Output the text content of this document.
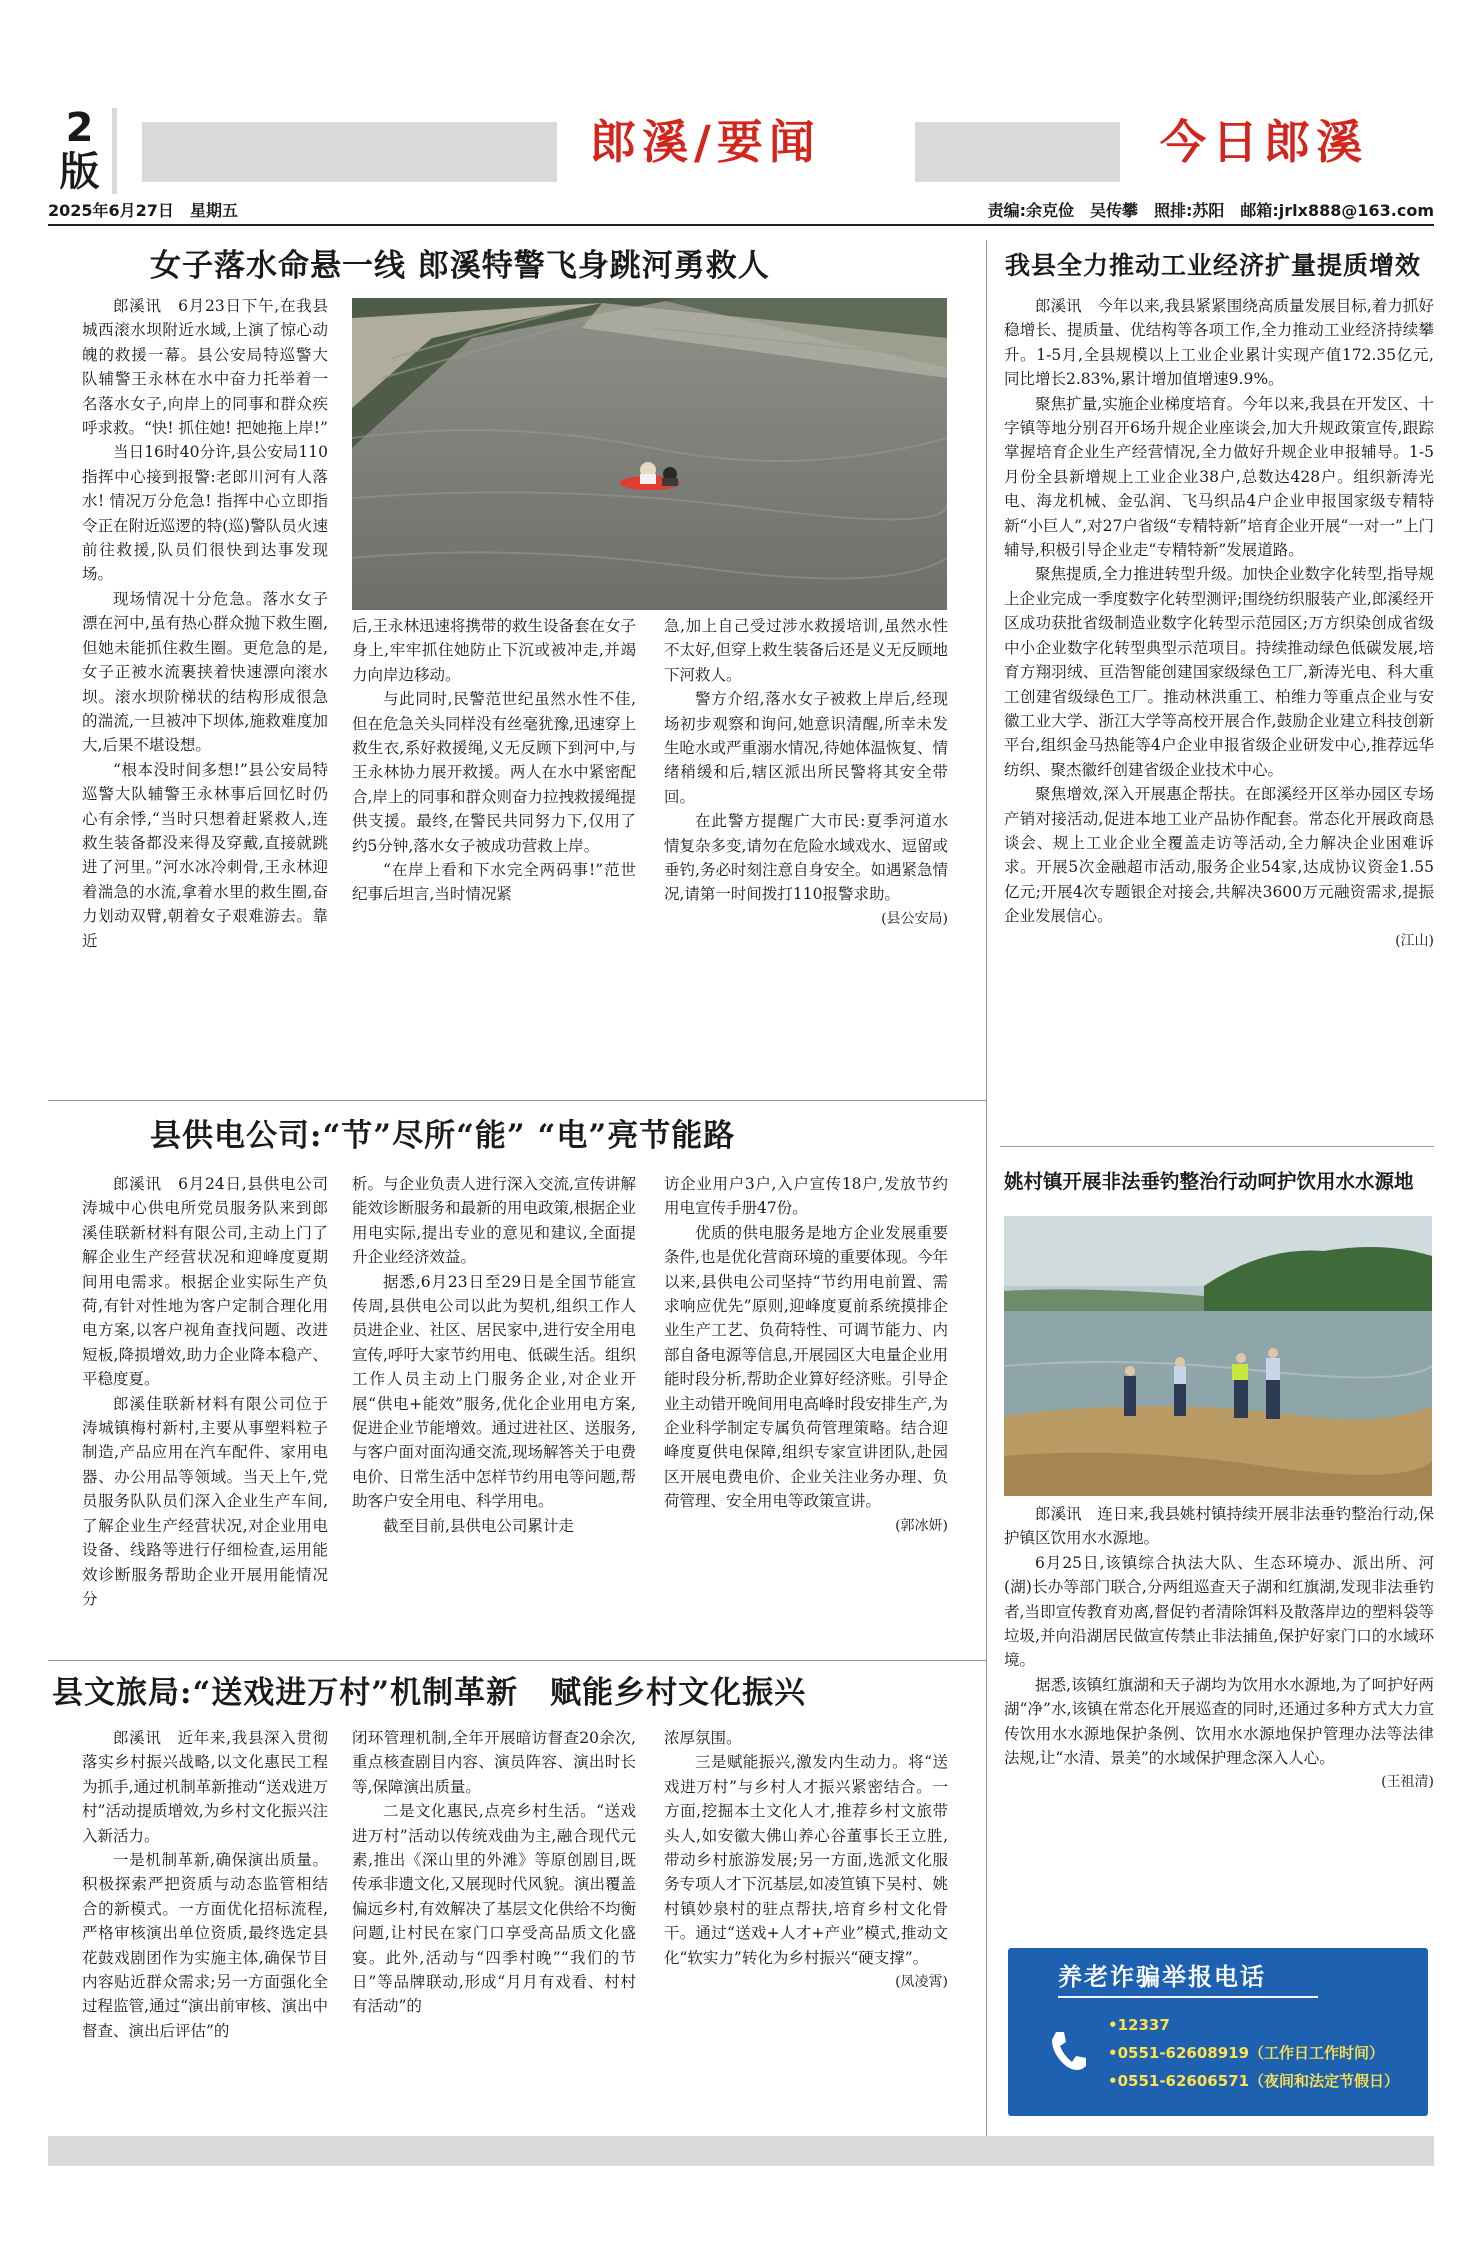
2
版
郎溪/要闻	今日郎溪
2025年6月27日　 星期五	责编:余克俭　吴传攀　照排:苏阳　邮箱:jrlx888@163.com
女子落水命悬一线 郎溪特警飞身跳河勇救人

郎溪讯　6月23日下午,在我县城西滚水坝附近水域,上演了惊心动魄的救援一幕。县公安局特巡警大队辅警王永林在水中奋力托举着一名落水女子,向岸上的同事和群众疾呼求救。“快! 抓住她! 把她拖上岸!”

当日16时40分许,县公安局110指挥中心接到报警:老郎川河有人落水! 情况万分危急! 指挥中心立即指令正在附近巡逻的特(巡)警队员火速前往救援,队员们很快到达事发现场。

现场情况十分危急。落水女子漂在河中,虽有热心群众抛下救生圈,但她未能抓住救生圈。更危急的是,女子正被水流裹挟着快速漂向滚水坝。滚水坝阶梯状的结构形成很急的湍流,一旦被冲下坝体,施救难度加大,后果不堪设想。

“根本没时间多想!”县公安局特巡警大队辅警王永林事后回忆时仍心有余悸,“当时只想着赶紧救人,连救生装备都没来得及穿戴,直接就跳进了河里。”河水冰冷刺骨,王永林迎着湍急的水流,拿着水里的救生圈,奋力划动双臂,朝着女子艰难游去。靠近

后,王永林迅速将携带的救生设备套在女子身上,牢牢抓住她防止下沉或被冲走,并竭力向岸边移动。

与此同时,民警范世纪虽然水性不佳,但在危急关头同样没有丝毫犹豫,迅速穿上救生衣,系好救援绳,义无反顾下到河中,与王永林协力展开救援。两人在水中紧密配合,岸上的同事和群众则奋力拉拽救援绳提供支援。最终,在警民共同努力下,仅用了约5分钟,落水女子被成功营救上岸。

“在岸上看和下水完全两码事!”范世纪事后坦言,当时情况紧

急,加上自己受过涉水救援培训,虽然水性不太好,但穿上救生装备后还是义无反顾地下河救人。

警方介绍,落水女子被救上岸后,经现场初步观察和询问,她意识清醒,所幸未发生呛水或严重溺水情况,待她体温恢复、情绪稍缓和后,辖区派出所民警将其安全带回。

在此警方提醒广大市民:夏季河道水情复杂多变,请勿在危险水域戏水、逗留或垂钓,务必时刻注意自身安全。如遇紧急情况,请第一时间拨打110报警求助。

(县公安局)

我县全力推动工业经济扩量提质增效

郎溪讯　今年以来,我县紧紧围绕高质量发展目标,着力抓好稳增长、提质量、优结构等各项工作,全力推动工业经济持续攀升。1-5月,全县规模以上工业企业累计实现产值172.35亿元,同比增长2.83%,累计增加值增速9.9%。

聚焦扩量,实施企业梯度培育。今年以来,我县在开发区、十字镇等地分别召开6场升规企业座谈会,加大升规政策宣传,跟踪掌握培育企业生产经营情况,全力做好升规企业申报辅导。1-5月份全县新增规上工业企业38户,总数达428户。组织新涛光电、海龙机械、金弘润、飞马织品4户企业申报国家级专精特新“小巨人”,对27户省级“专精特新”培育企业开展“一对一”上门辅导,积极引导企业走“专精特新”发展道路。

聚焦提质,全力推进转型升级。加快企业数字化转型,指导规上企业完成一季度数字化转型测评;围绕纺织服装产业,郎溪经开区成功获批省级制造业数字化转型示范园区;万方织染创成省级中小企业数字化转型典型示范项目。持续推动绿色低碳发展,培育方翔羽绒、亘浩智能创建国家级绿色工厂,新涛光电、科大重工创建省级绿色工厂。推动林洪重工、柏维力等重点企业与安徽工业大学、浙江大学等高校开展合作,鼓励企业建立科技创新平台,组织金马热能等4户企业申报省级企业研发中心,推荐远华纺织、聚杰徽纤创建省级企业技术中心。

聚焦增效,深入开展惠企帮扶。在郎溪经开区举办园区专场产销对接活动,促进本地工业产品协作配套。常态化开展政商恳谈会、规上工业企业全覆盖走访等活动,全力解决企业困难诉求。开展5次金融超市活动,服务企业54家,达成协议资金1.55亿元;开展4次专题银企对接会,共解决3600万元融资需求,提振企业发展信心。

(江山)

县供电公司:“节”尽所“能” “电”亮节能路

郎溪讯　6月24日,县供电公司涛城中心供电所党员服务队来到郎溪佳联新材料有限公司,主动上门了解企业生产经营状况和迎峰度夏期间用电需求。根据企业实际生产负荷,有针对性地为客户定制合理化用电方案,以客户视角查找问题、改进短板,降损增效,助力企业降本稳产、平稳度夏。

郎溪佳联新材料有限公司位于涛城镇梅村新村,主要从事塑料粒子制造,产品应用在汽车配件、家用电器、办公用品等领域。当天上午,党员服务队队员们深入企业生产车间,了解企业生产经营状况,对企业用电设备、线路等进行仔细检查,运用能效诊断服务帮助企业开展用能情况分

析。与企业负责人进行深入交流,宣传讲解能效诊断服务和最新的用电政策,根据企业用电实际,提出专业的意见和建议,全面提升企业经济效益。

据悉,6月23日至29日是全国节能宣传周,县供电公司以此为契机,组织工作人员进企业、社区、居民家中,进行安全用电宣传,呼吁大家节约用电、低碳生活。组织工作人员主动上门服务企业,对企业开展“供电+能效”服务,优化企业用电方案,促进企业节能增效。通过进社区、送服务,与客户面对面沟通交流,现场解答关于电费电价、日常生活中怎样节约用电等问题,帮助客户安全用电、科学用电。

截至目前,县供电公司累计走

访企业用户3户,入户宣传18户,发放节约用电宣传手册47份。

优质的供电服务是地方企业发展重要条件,也是优化营商环境的重要体现。今年以来,县供电公司坚持“节约用电前置、需求响应优先”原则,迎峰度夏前系统摸排企业生产工艺、负荷特性、可调节能力、内部自备电源等信息,开展园区大电量企业用能时段分析,帮助企业算好经济账。引导企业主动错开晚间用电高峰时段安排生产,为企业科学制定专属负荷管理策略。结合迎峰度夏供电保障,组织专家宣讲团队,赴园区开展电费电价、企业关注业务办理、负荷管理、安全用电等政策宣讲。

(郭冰妍)

姚村镇开展非法垂钓整治行动呵护饮用水水源地

郎溪讯　连日来,我县姚村镇持续开展非法垂钓整治行动,保护镇区饮用水水源地。

6月25日,该镇综合执法大队、生态环境办、派出所、河(湖)长办等部门联合,分两组巡查天子湖和红旗湖,发现非法垂钓者,当即宣传教育劝离,督促钓者清除饵料及散落岸边的塑料袋等垃圾,并向沿湖居民做宣传禁止非法捕鱼,保护好家门口的水域环境。

据悉,该镇红旗湖和天子湖均为饮用水水源地,为了呵护好两湖“净”水,该镇在常态化开展巡查的同时,还通过多种方式大力宣传饮用水水源地保护条例、饮用水水源地保护管理办法等法律法规,让“水清、景美”的水域保护理念深入人心。

(王祖清)

县文旅局:“送戏进万村”机制革新　赋能乡村文化振兴

郎溪讯　近年来,我县深入贯彻落实乡村振兴战略,以文化惠民工程为抓手,通过机制革新推动“送戏进万村”活动提质增效,为乡村文化振兴注入新活力。

一是机制革新,确保演出质量。积极探索严把资质与动态监管相结合的新模式。一方面优化招标流程,严格审核演出单位资质,最终选定县花鼓戏剧团作为实施主体,确保节目内容贴近群众需求;另一方面强化全过程监管,通过“演出前审核、演出中督查、演出后评估”的

闭环管理机制,全年开展暗访督查20余次,重点核查剧目内容、演员阵容、演出时长等,保障演出质量。

二是文化惠民,点亮乡村生活。“送戏进万村”活动以传统戏曲为主,融合现代元素,推出《深山里的外滩》等原创剧目,既传承非遗文化,又展现时代风貌。演出覆盖偏远乡村,有效解决了基层文化供给不均衡问题,让村民在家门口享受高品质文化盛宴。此外,活动与“四季村晚”“我们的节日”等品牌联动,形成“月月有戏看、村村有活动”的

浓厚氛围。

三是赋能振兴,激发内生动力。将“送戏进万村”与乡村人才振兴紧密结合。一方面,挖掘本土文化人才,推荐乡村文旅带头人,如安徽大佛山养心谷董事长王立胜,带动乡村旅游发展;另一方面,选派文化服务专项人才下沉基层,如凌笪镇下吴村、姚村镇妙泉村的驻点帮扶,培育乡村文化骨干。通过“送戏+人才+产业”模式,推动文化“软实力”转化为乡村振兴“硬支撑”。

(凤凌霄)	养老诈骗举报电话
•12337
•0551-62608919（工作日工作时间）
•0551-62606571（夜间和法定节假日）
